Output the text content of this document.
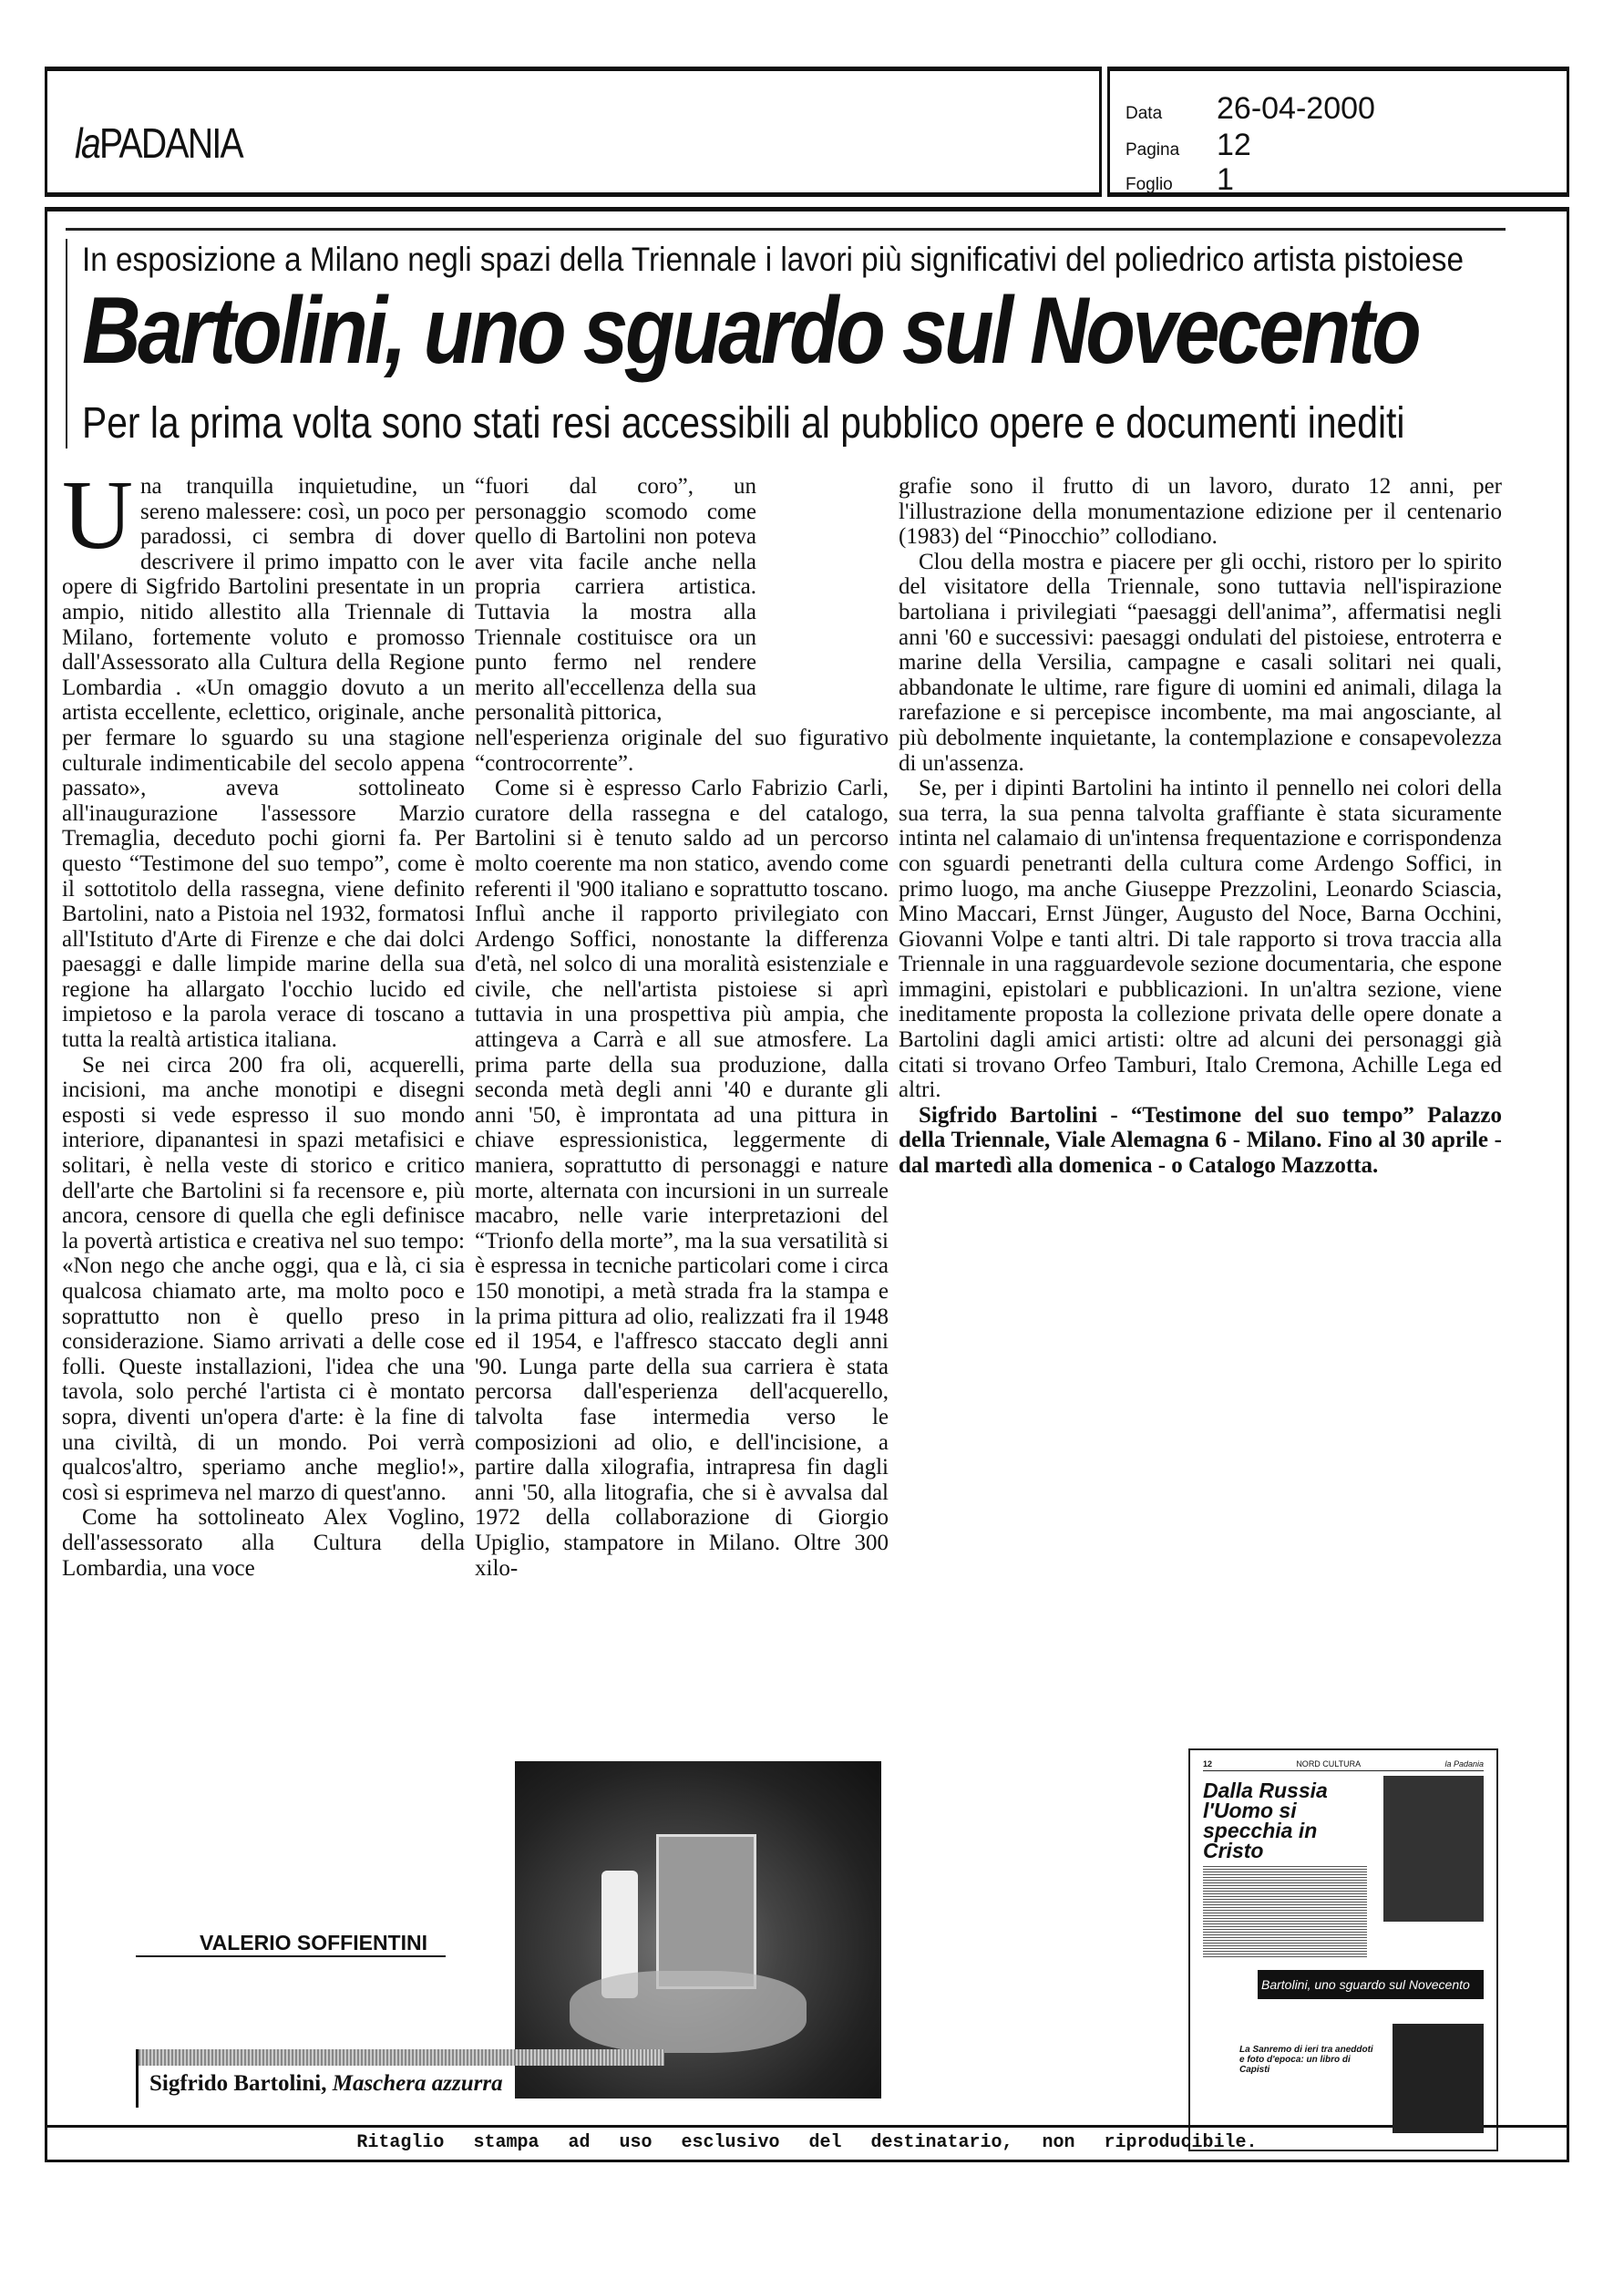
laPADANIA
Data	26-04-2000
Pagina	12
Foglio	1
In esposizione a Milano negli spazi della Triennale i lavori più significativi del poliedrico artista pistoiese
Bartolini, uno sguardo sul Novecento
Per la prima volta sono stati resi accessibili al pubblico opere e documenti inediti

Una tranquilla inquietudine, un sereno malessere: così, un poco per paradossi, ci sembra di dover descrivere il primo impatto con le opere di Sigfrido Bartolini presentate in un ampio, nitido allestito alla Triennale di Milano, fortemente voluto e promosso dall'Assessorato alla Cultura della Regione Lombardia . «Un omaggio dovuto a un artista eccellente, eclettico, originale, anche per fermare lo sguardo su una stagione culturale indimenticabile del secolo appena passato», aveva sottolineato all'inaugurazione l'assessore Marzio Tremaglia, deceduto pochi giorni fa. Per questo “Testimone del suo tempo”, come è il sottotitolo della rassegna, viene definito Bartolini, nato a Pistoia nel 1932, formatosi all'Istituto d'Arte di Firenze e che dai dolci paesaggi e dalle limpide marine della sua regione ha allargato l'occhio lucido ed impietoso e la parola verace di toscano a tutta la realtà artistica italiana.

Se nei circa 200 fra oli, acquerelli, incisioni, ma anche monotipi e disegni esposti si vede espresso il suo mondo interiore, dipanantesi in spazi metafisici e solitari, è nella veste di storico e critico dell'arte che Bartolini si fa recensore e, più ancora, censore di quella che egli definisce la povertà artistica e creativa nel suo tempo: «Non nego che anche oggi, qua e là, ci sia qualcosa chiamato arte, ma molto poco e soprattutto non è quello preso in considerazione. Siamo arrivati a delle cose folli. Queste installazioni, l'idea che una tavola, solo perché l'artista ci è montato sopra, diventi un'opera d'arte: è la fine di una civiltà, di un mondo. Poi verrà qualcos'altro, speriamo anche meglio!», così si esprimeva nel marzo di quest'anno.

Come ha sottolineato Alex Voglino, dell'assessorato alla Cultura della Lombardia, una voce

“fuori dal coro”, un personaggio scomodo come quello di Bartolini non poteva aver vita facile anche nella propria carriera artistica. Tuttavia la mostra alla Triennale costituisce ora un punto fermo nel rendere merito all'eccellenza della sua personalità pittorica,

nell'esperienza originale del suo figurativo “controcorrente”.

Come si è espresso Carlo Fabrizio Carli, curatore della rassegna e del catalogo, Bartolini si è tenuto saldo ad un percorso molto coerente ma non statico, avendo come referenti il '900 italiano e soprattutto toscano. Influì anche il rapporto privilegiato con Ardengo Soffici, nonostante la differenza d'età, nel solco di una moralità esistenziale e civile, che nell'artista pistoiese si aprì tuttavia in una prospettiva più ampia, che attingeva a Carrà e all sue atmosfere. La prima parte della sua produzione, dalla seconda metà degli anni '40 e durante gli anni '50, è improntata ad una pittura in chiave espressionistica, leggermente di maniera, soprattutto di personaggi e nature morte, alternata con incursioni in un surreale macabro, nelle varie interpretazioni del “Trionfo della morte”, ma la sua versatilità si è espressa in tecniche particolari come i circa 150 monotipi, a metà strada fra la stampa e la prima pittura ad olio, realizzati fra il 1948 ed il 1954, e l'affresco staccato degli anni '90. Lunga parte della sua carriera è stata percorsa dall'esperienza dell'acquerello, talvolta fase intermedia verso le composizioni ad olio, e dell'incisione, a partire dalla xilografia, intrapresa fin dagli anni '50, alla litografia, che si è avvalsa dal 1972 della collaborazione di Giorgio Upiglio, stampatore in Milano. Oltre 300 xilo-

grafie sono il frutto di un lavoro, durato 12 anni, per l'illustrazione della monumentazione edizione per il centenario (1983) del “Pinocchio” collodiano.

Clou della mostra e piacere per gli occhi, ristoro per lo spirito del visitatore della Triennale, sono tuttavia nell'ispirazione bartoliana i privilegiati “paesaggi dell'anima”, affermatisi negli anni '60 e successivi: paesaggi ondulati del pistoiese, entroterra e marine della Versilia, campagne e casali solitari nei quali, abbandonate le ultime, rare figure di uomini ed animali, dilaga la rarefazione e si percepisce incombente, ma mai angosciante, al più debolmente inquietante, la contemplazione e consapevolezza di un'assenza.

Se, per i dipinti Bartolini ha intinto il pennello nei colori della sua terra, la sua penna talvolta graffiante è stata sicuramente intinta nel calamaio di un'intensa frequentazione e corrispondenza con sguardi penetranti della cultura come Ardengo Soffici, in primo luogo, ma anche Giuseppe Prezzolini, Leonardo Sciascia, Mino Maccari, Ernst Jünger, Augusto del Noce, Barna Occhini, Giovanni Volpe e tanti altri. Di tale rapporto si trova traccia alla Triennale in una ragguardevole sezione documentaria, che espone immagini, epistolari e pubblicazioni. In un'altra sezione, viene ineditamente proposta la collezione privata delle opere donate a Bartolini dagli amici artisti: oltre ad alcuni dei personaggi già citati si trovano Orfeo Tamburi, Italo Cremona, Achille Lega ed altri.

Sigfrido Bartolini - “Testimone del suo tempo” Palazzo della Triennale, Viale Alemagna 6 - Milano. Fino al 30 aprile - dal martedì alla domenica - o Catalogo Mazzotta.

VALERIO SOFFIENTINI
Sigfrido Bartolini, Maschera azzurra
12	NORD CULTURA	la Padania
Dalla Russia l'Uomo si specchia in Cristo
Bartolini, uno sguardo sul Novecento
La Sanremo di ieri tra aneddoti e foto d'epoca: un libro di Capisti
Ritaglio stampa ad uso esclusivo del destinatario, non riproducibile.
